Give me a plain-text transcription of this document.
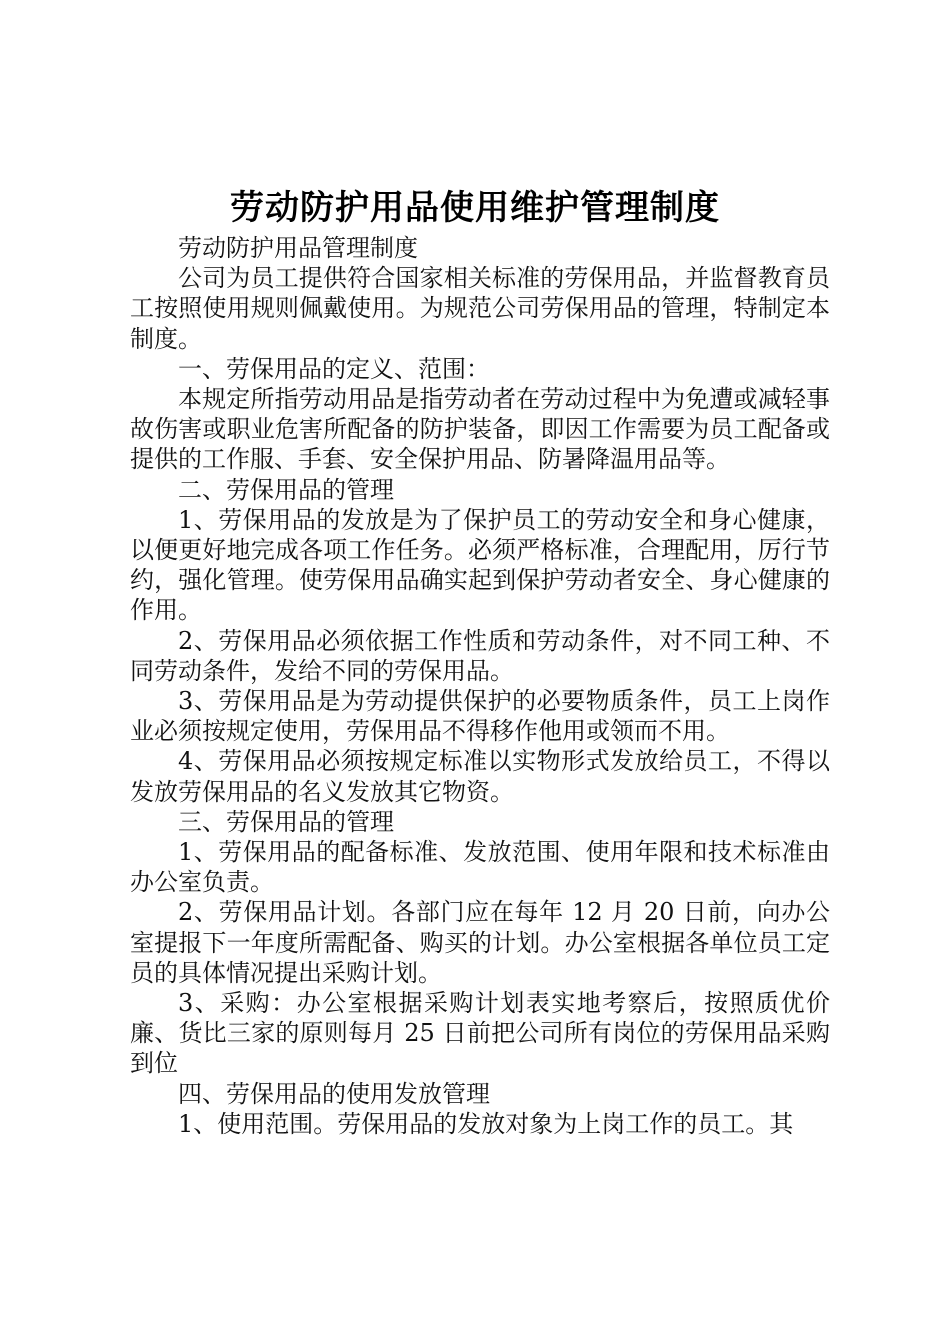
劳动防护用品使用维护管理制度

劳动防护用品管理制度

公司为员工提供符合国家相关标准的劳保用品，并监督教育员工按照使用规则佩戴使用。为规范公司劳保用品的管理，特制定本制度。

一、劳保用品的定义、范围：

本规定所指劳动用品是指劳动者在劳动过程中为免遭或减轻事故伤害或职业危害所配备的防护装备，即因工作需要为员工配备或提供的工作服、手套、安全保护用品、防暑降温用品等。

二、劳保用品的管理

1、劳保用品的发放是为了保护员工的劳动安全和身心健康，以便更好地完成各项工作任务。必须严格标准，合理配用，厉行节约，强化管理。使劳保用品确实起到保护劳动者安全、身心健康的作用。

2、劳保用品必须依据工作性质和劳动条件，对不同工种、不同劳动条件，发给不同的劳保用品。

3、劳保用品是为劳动提供保护的必要物质条件，员工上岗作业必须按规定使用，劳保用品不得移作他用或领而不用。

4、劳保用品必须按规定标准以实物形式发放给员工，不得以发放劳保用品的名义发放其它物资。

三、劳保用品的管理

1、劳保用品的配备标准、发放范围、使用年限和技术标准由办公室负责。

2、劳保用品计划。各部门应在每年 12 月 20 日前，向办公室提报下一年度所需配备、购买的计划。办公室根据各单位员工定员的具体情况提出采购计划。

3、采购：办公室根据采购计划表实地考察后，按照质优价廉、货比三家的原则每月 25 日前把公司所有岗位的劳保用品采购到位

四、劳保用品的使用发放管理

1、使用范围。劳保用品的发放对象为上岗工作的员工。其
